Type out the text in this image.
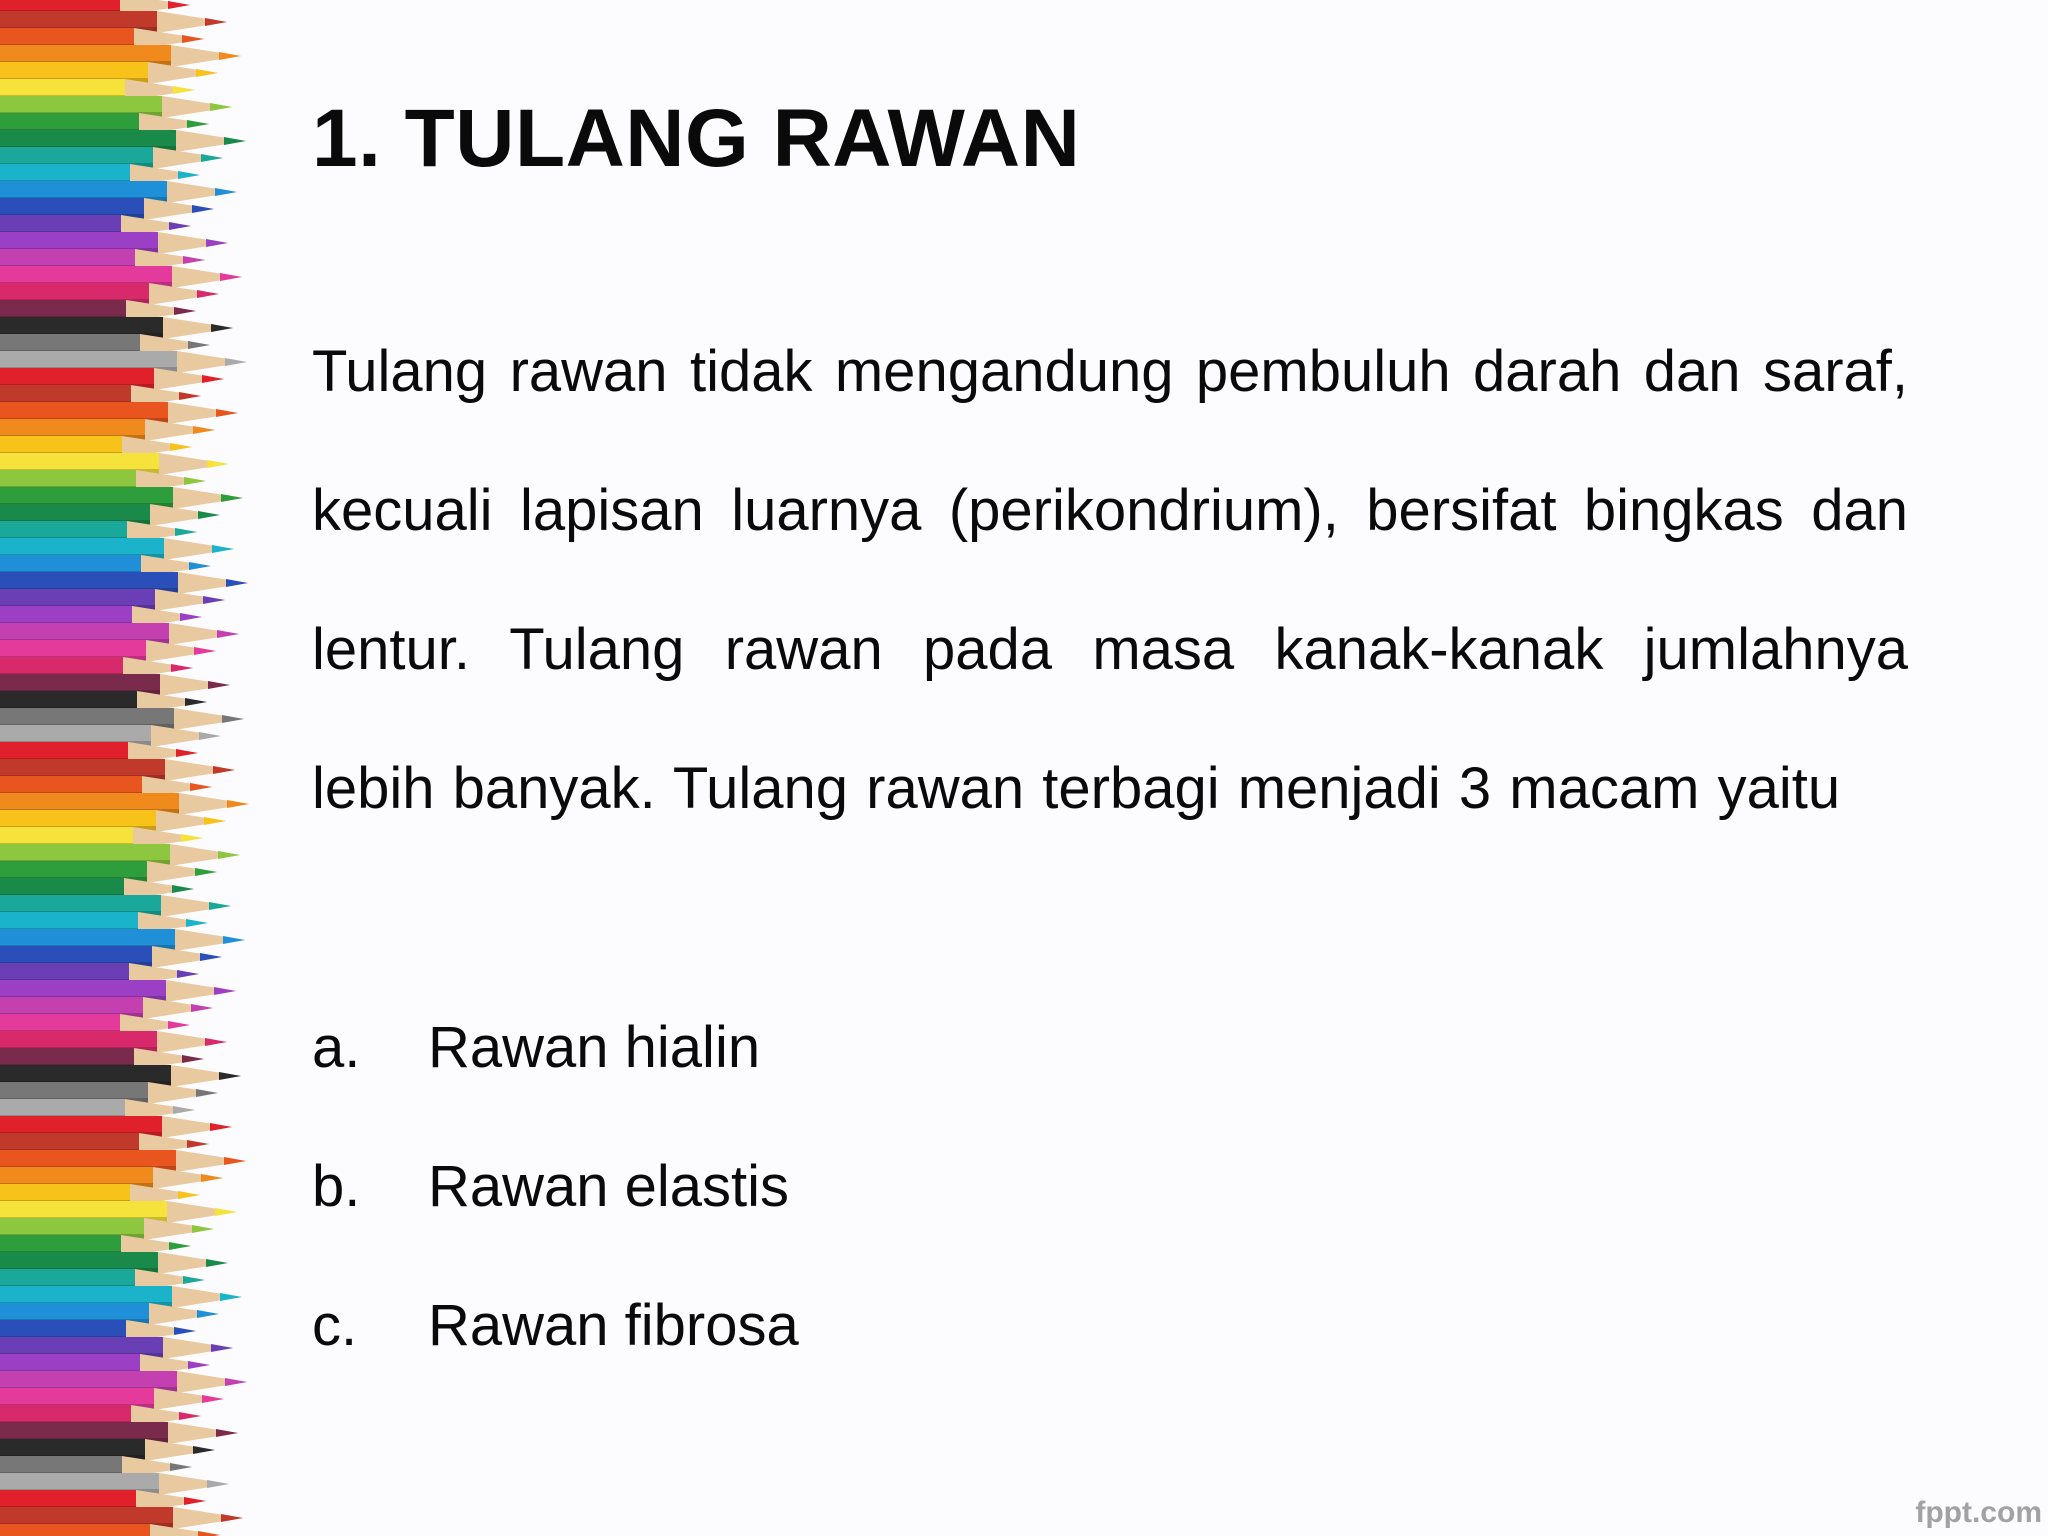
1. TULANG RAWAN
Tulang rawan tidak mengandung pembuluh darah dan saraf, kecuali lapisan luarnya (perikondrium), bersifat bingkas dan lentur. Tulang rawan pada masa kanak-kanak jumlahnya lebih banyak. Tulang rawan terbagi menjadi 3 macam yaitu
a.	Rawan hialin
b.	Rawan elastis
c.	Rawan fibrosa
fppt.com
